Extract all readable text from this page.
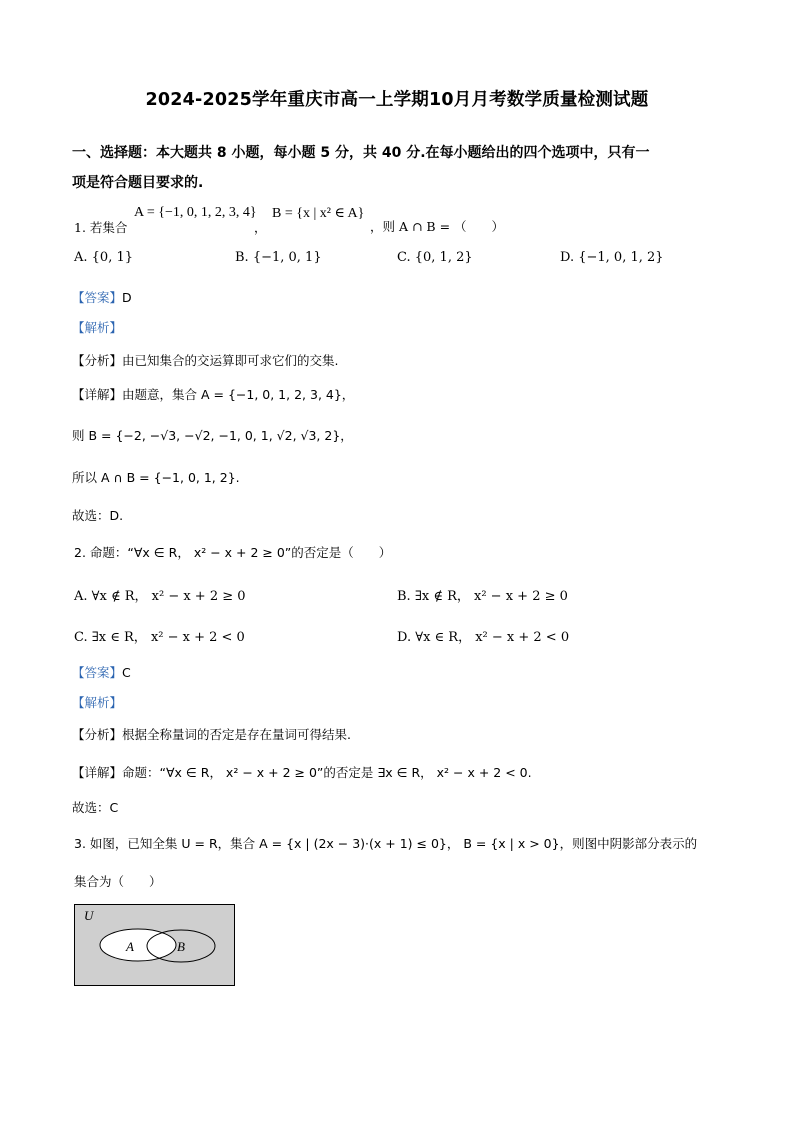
2024-2025学年重庆市高一上学期10月月考数学质量检测试题
一、选择题：本大题共 8 小题，每小题 5 分，共 40 分.在每小题给出的四个选项中，只有一
项是符合题目要求的.
1. 若集合
A = {−1, 0, 1, 2, 3, 4}
，
B = {x | x² ∈ A}
，则 A ∩ B = （　　）
A. {0, 1}	B. {−1, 0, 1}	C. {0, 1, 2}	D. {−1, 0, 1, 2}
【答案】D
【解析】
【分析】由已知集合的交运算即可求它们的交集.
【详解】由题意，集合 A = {−1, 0, 1, 2, 3, 4}，
则 B = {−2, −√3, −√2, −1, 0, 1, √2, √3, 2}，
所以 A ∩ B = {−1, 0, 1, 2}.
故选：D.
2. 命题：“∀x ∈ R， x² − x + 2 ≥ 0”的否定是（　　）
A. ∀x ∉ R， x² − x + 2 ≥ 0	B. ∃x ∉ R， x² − x + 2 ≥ 0
C. ∃x ∈ R， x² − x + 2 < 0	D. ∀x ∈ R， x² − x + 2 < 0
【答案】C
【解析】
【分析】根据全称量词的否定是存在量词可得结果.
【详解】命题：“∀x ∈ R， x² − x + 2 ≥ 0”的否定是 ∃x ∈ R， x² − x + 2 < 0.
故选：C
3. 如图，已知全集 U = R，集合 A = {x | (2x − 3)·(x + 1) ≤ 0}， B = {x | x > 0}，则图中阴影部分表示的
集合为（　　）
U
A	B
